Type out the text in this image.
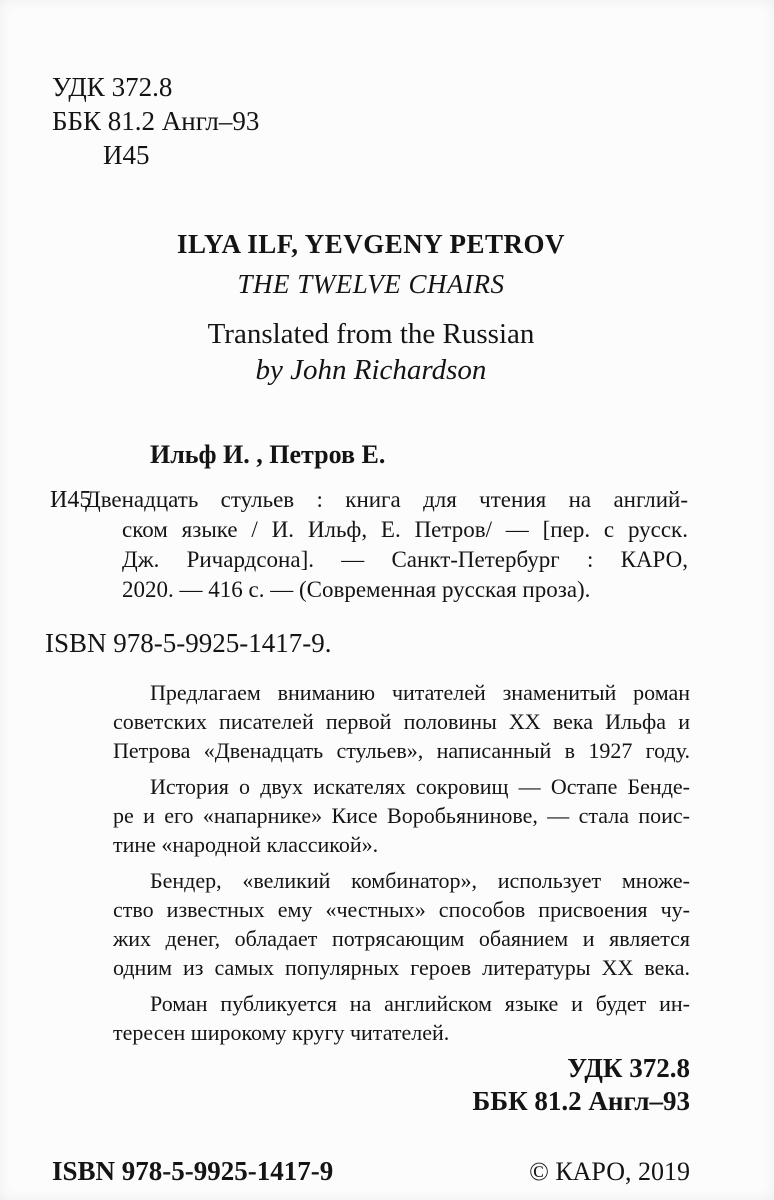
УДК 372.8
ББК 81.2 Англ–93
И45
ILYA ILF, YEVGENY PETROV
THE TWELVE CHAIRS
Translated from the Russian
by John Richardson
Ильф И. , Петров Е.
И45
Двенадцать стульев : книга для чтения на англий-
ском языке / И. Ильф, Е. Петров/ — [пер. с русск.
Дж. Ричардсона]. — Санкт-Петербург : КАРО,
2020. — 416 с. — (Современная русская проза).
ISBN 978-5-9925-1417-9.
Предлагаем вниманию читателей знаменитый роман
советских писателей первой половины XX века Ильфа и
Петрова «Двенадцать стульев», написанный в 1927 году.
История о двух искателях сокровищ — Остапе Бенде-
ре и его «напарнике» Кисе Воробьянинове, — стала поис-
тине «народной классикой».
Бендер, «великий комбинатор», использует множе-
ство известных ему «честных» способов присвоения чу-
жих денег, обладает потрясающим обаянием и является
одним из самых популярных героев литературы XX века.
Роман публикуется на английском языке и будет ин-
тересен широкому кругу читателей.
УДК 372.8
ББК 81.2 Англ–93
ISBN 978-5-9925-1417-9	© КАРО, 2019
